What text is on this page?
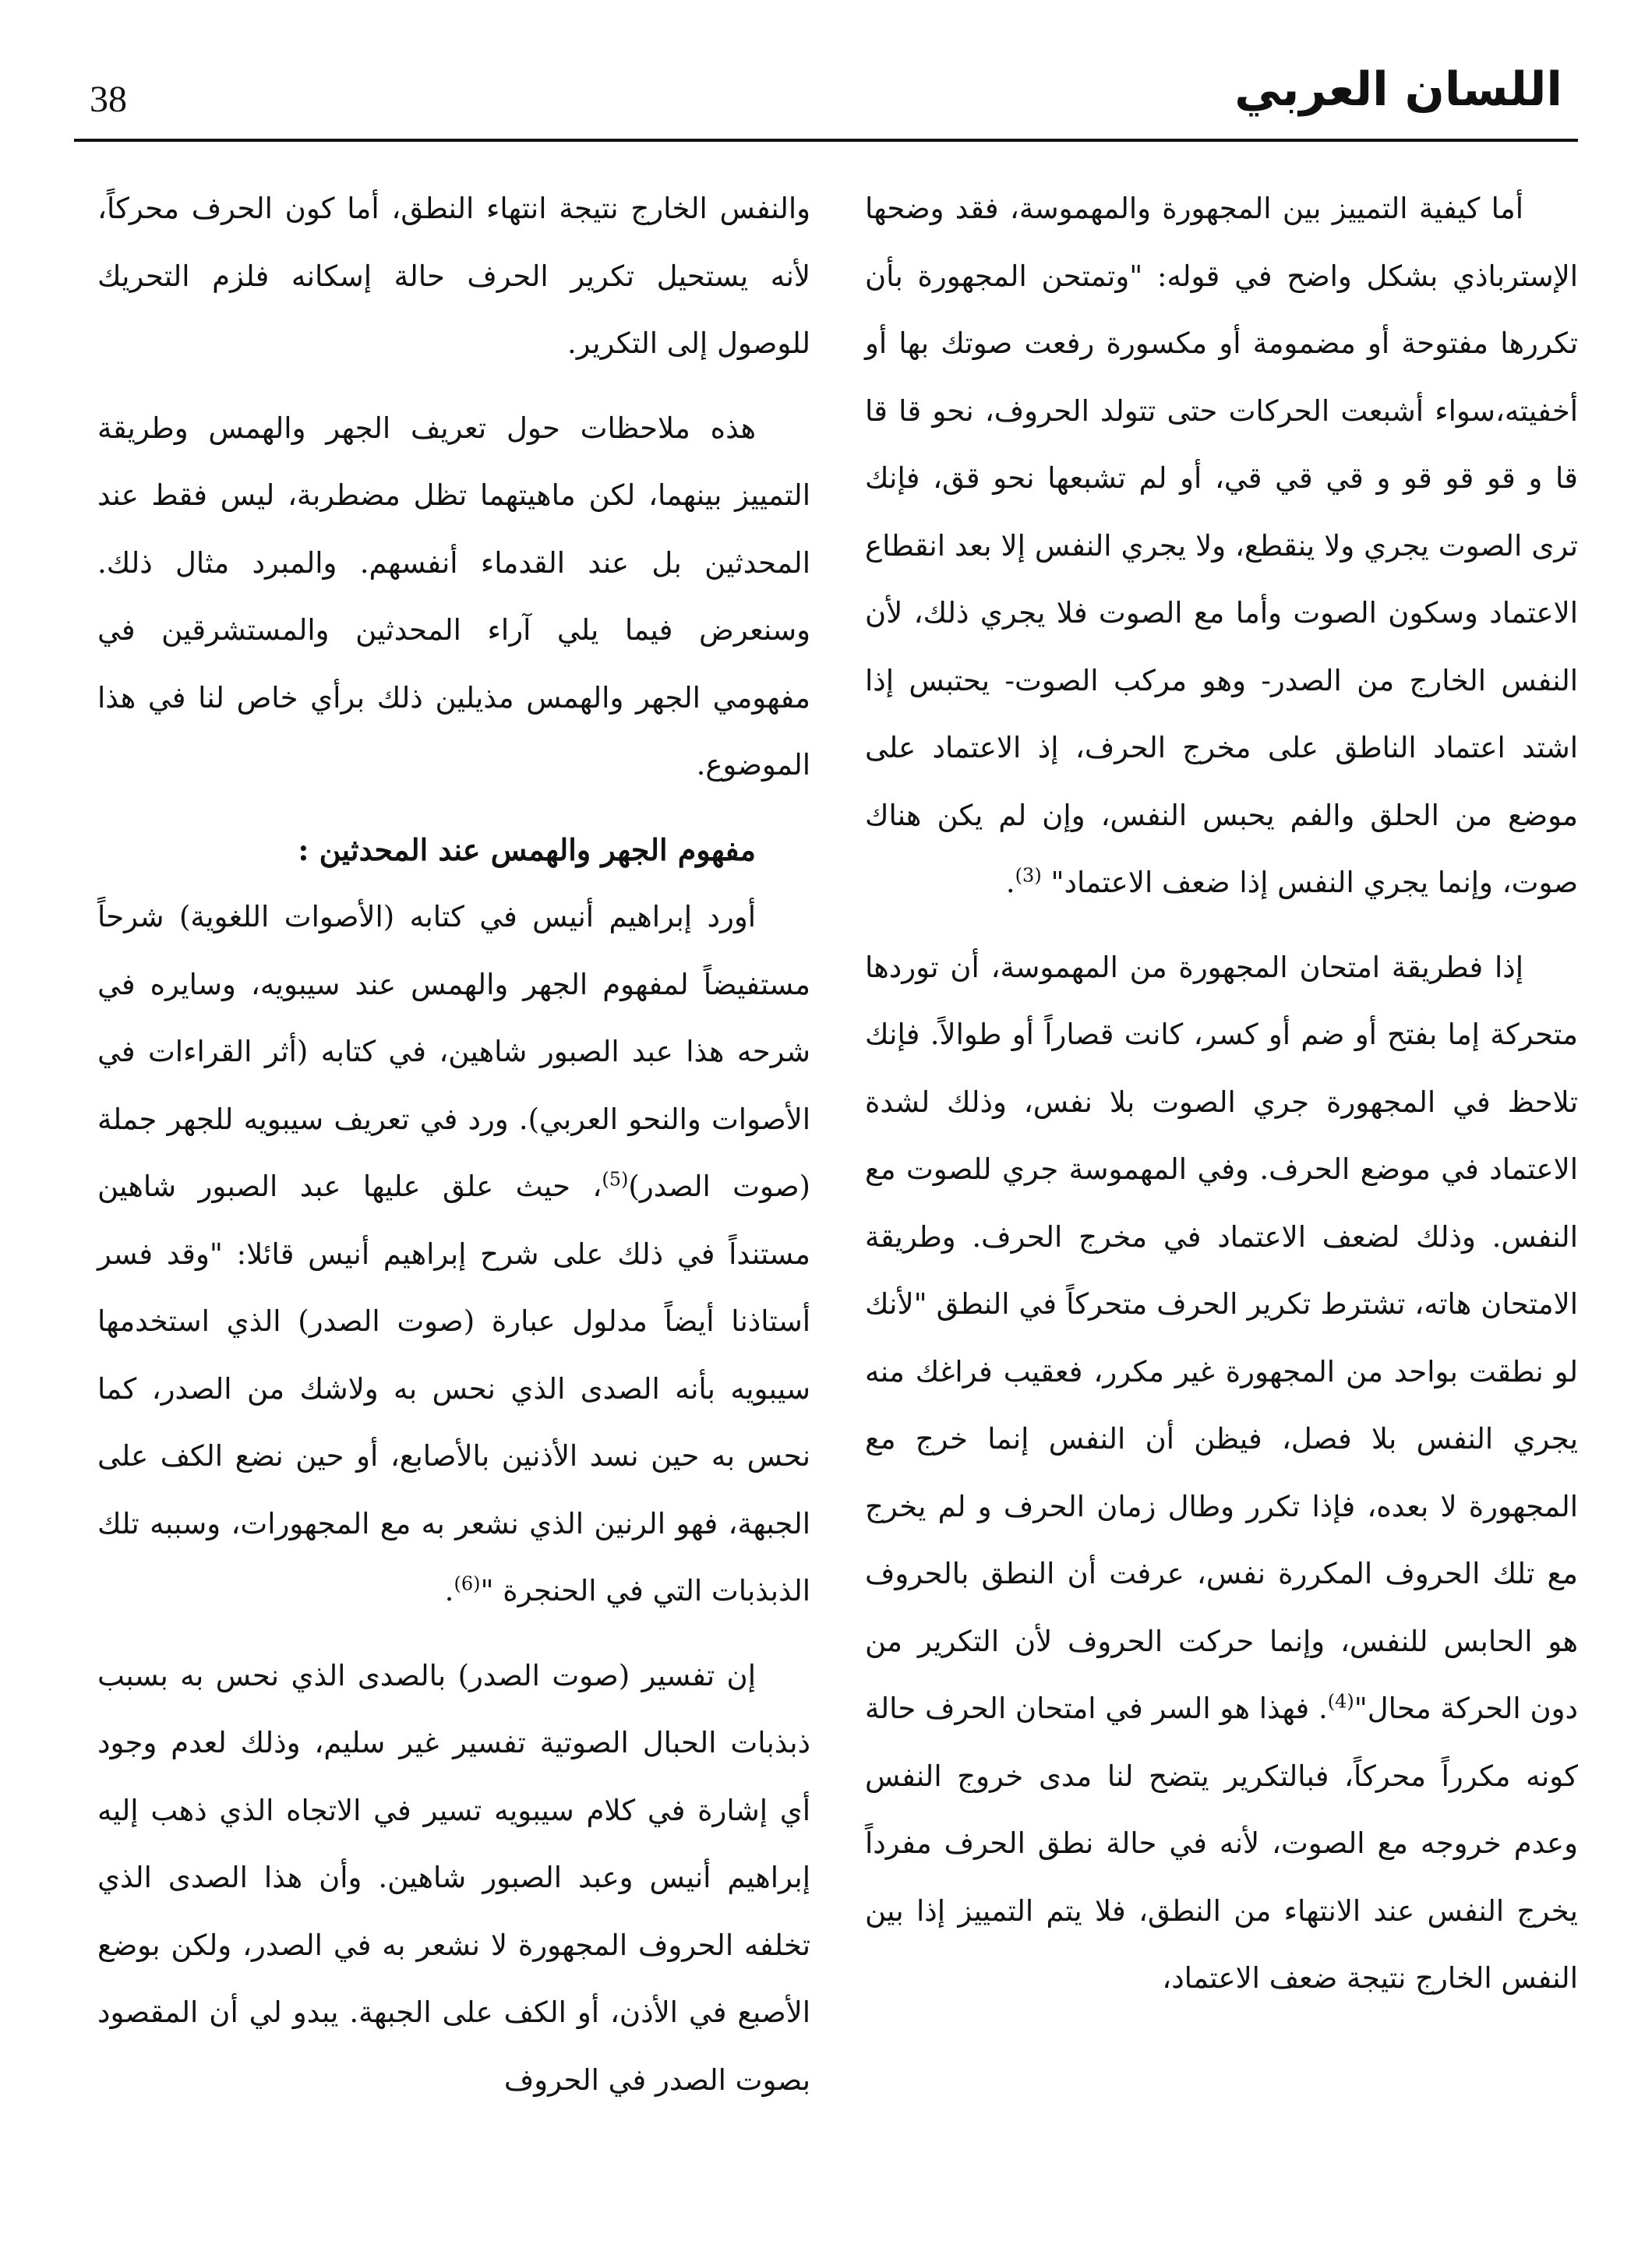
38	اللسان العربي

أما كيفية التمييز بين المجهورة والمهموسة، فقد وضحها الإسترباذي بشكل واضح في قوله: "وتمتحن المجهورة بأن تكررها مفتوحة أو مضمومة أو مكسورة رفعت صوتك بها أو أخفيته،سواء أشبعت الحركات حتى تتولد الحروف، نحو قا قا قا و قو قو قو و قي قي قي، أو لم تشبعها نحو قق، فإنك ترى الصوت يجري ولا ينقطع، ولا يجري النفس إلا بعد انقطاع الاعتماد وسكون الصوت وأما مع الصوت فلا يجري ذلك، لأن النفس الخارج من الصدر- وهو مركب الصوت- يحتبس إذا اشتد اعتماد الناطق على مخرج الحرف، إذ الاعتماد على موضع من الحلق والفم يحبس النفس، وإن لم يكن هناك صوت، وإنما يجري النفس إذا ضعف الاعتماد" $^{(3)}$.

إذا فطريقة امتحان المجهورة من المهموسة، أن توردها متحركة إما بفتح أو ضم أو كسر، كانت قصاراً أو طوالاً. فإنك تلاحظ في المجهورة جري الصوت بلا نفس، وذلك لشدة الاعتماد في موضع الحرف. وفي المهموسة جري للصوت مع النفس. وذلك لضعف الاعتماد في مخرج الحرف. وطريقة الامتحان هاته، تشترط تكرير الحرف متحركاً في النطق "لأنك لو نطقت بواحد من المجهورة غير مكرر، فعقيب فراغك منه يجري النفس بلا فصل، فيظن أن النفس إنما خرج مع المجهورة لا بعده، فإذا تكرر وطال زمان الحرف و لم يخرج مع تلك الحروف المكررة نفس، عرفت أن النطق بالحروف هو الحابس للنفس، وإنما حركت الحروف لأن التكرير من دون الحركة محال"$^{(4)}$. فهذا هو السر في امتحان الحرف حالة كونه مكرراً محركاً، فبالتكرير يتضح لنا مدى خروج النفس وعدم خروجه مع الصوت، لأنه في حالة نطق الحرف مفرداً يخرج النفس عند الانتهاء من النطق، فلا يتم التمييز إذا بين النفس الخارج نتيجة ضعف الاعتماد،

والنفس الخارج نتيجة انتهاء النطق، أما كون الحرف محركاً، لأنه يستحيل تكرير الحرف حالة إسكانه فلزم التحريك للوصول إلى التكرير.

هذه ملاحظات حول تعريف الجهر والهمس وطريقة التمييز بينهما، لكن ماهيتهما تظل مضطربة، ليس فقط عند المحدثين بل عند القدماء أنفسهم. والمبرد مثال ذلك. وسنعرض فيما يلي آراء المحدثين والمستشرقين في مفهومي الجهر والهمس مذيلين ذلك برأي خاص لنا في هذا الموضوع.

مفهوم الجهر والهمس عند المحدثين :

أورد إبراهيم أنيس في كتابه (الأصوات اللغوية) شرحاً مستفيضاً لمفهوم الجهر والهمس عند سيبويه، وسايره في شرحه هذا عبد الصبور شاهين، في كتابه (أثر القراءات في الأصوات والنحو العربي). ورد في تعريف سيبويه للجهر جملة (صوت الصدر)$^{(5)}$، حيث علق عليها عبد الصبور شاهين مستنداً في ذلك على شرح إبراهيم أنيس قائلا: "وقد فسر أستاذنا أيضاً مدلول عبارة (صوت الصدر) الذي استخدمها سيبويه بأنه الصدى الذي نحس به ولاشك من الصدر، كما نحس به حين نسد الأذنين بالأصابع، أو حين نضع الكف على الجبهة، فهو الرنين الذي نشعر به مع المجهورات، وسببه تلك الذبذبات التي في الحنجرة "$^{(6)}$.

إن تفسير (صوت الصدر) بالصدى الذي نحس به بسبب ذبذبات الحبال الصوتية تفسير غير سليم، وذلك لعدم وجود أي إشارة في كلام سيبويه تسير في الاتجاه الذي ذهب إليه إبراهيم أنيس وعبد الصبور شاهين. وأن هذا الصدى الذي تخلفه الحروف المجهورة لا نشعر به في الصدر، ولكن بوضع الأصبع في الأذن، أو الكف على الجبهة. يبدو لي أن المقصود بصوت الصدر في الحروف
